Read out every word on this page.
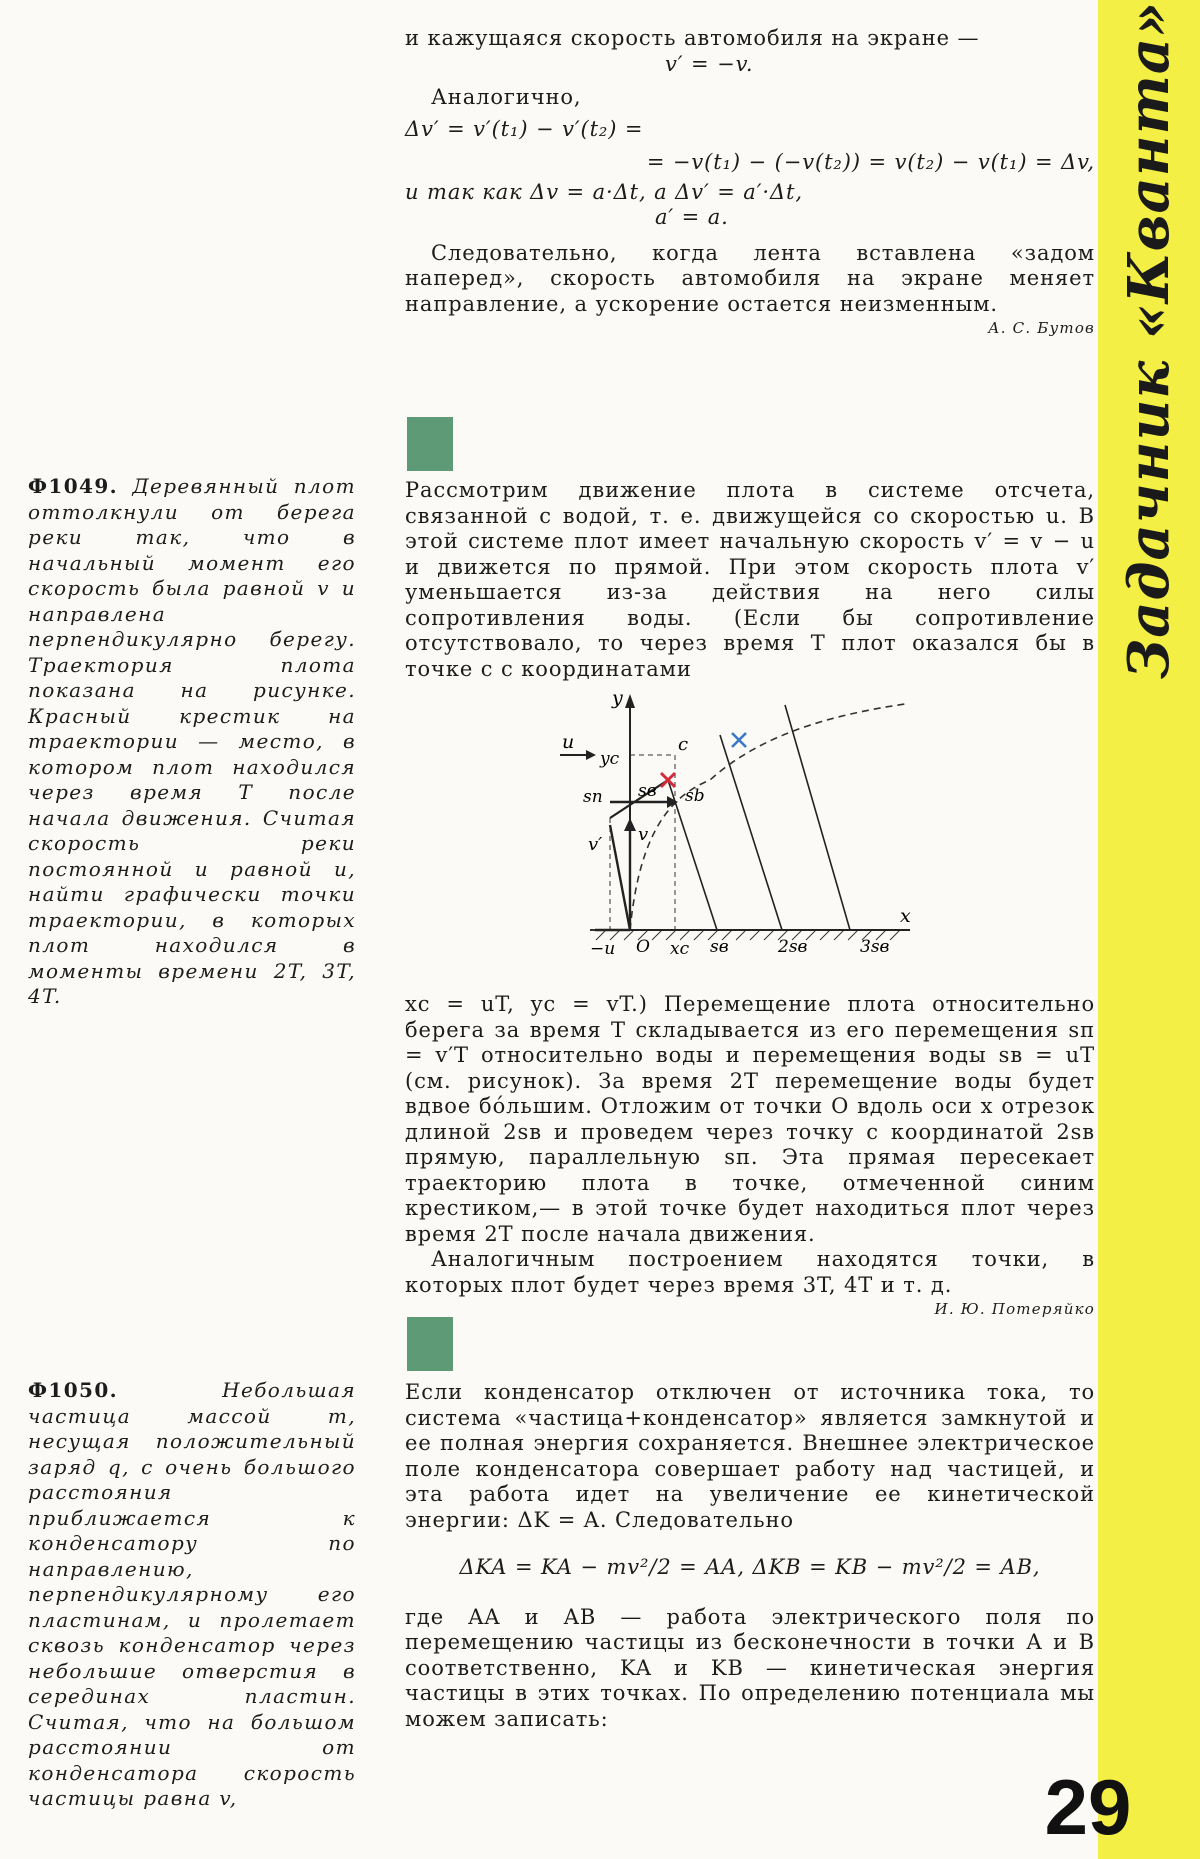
Задачник «Кванта»
29

и кажущаяся скорость автомобиля на экране —

v′ = −v.

Аналогично,

Δv′ = v′(t₁) − v′(t₂) =

= −v(t₁) − (−v(t₂)) = v(t₂) − v(t₁) = Δv,

и так как Δv = a·Δt, а Δv′ = a′·Δt,

a′ = a.

Следовательно, когда лента вставлена «задом наперед», скорость автомобиля на экране меняет направление, а ускорение остается неизменным.

А. С. Бутов

Ф1049. Деревянный плот оттолкнули от берега реки так, что в начальный момент его скорость была равной v и направлена перпендикулярно берегу. Траектория плота показана на рисунке. Красный крестик на траектории — место, в котором плот находился через время T после начала движения. Считая скорость реки постоянной и равной u, найти графически точки траектории, в которых плот находился в моменты времени 2T, 3T, 4T.

Рассмотрим движение плота в системе отсчета, связанной с водой, т. е. движущейся со скоростью u. В этой системе плот имеет начальную скорость v′ = v − u и движется по прямой. При этом скорость плота v′ уменьшается из-за действия на него силы сопротивления воды. (Если бы сопротивление отсутствовало, то через время T плот оказался бы в точке c с координатами

y
x
u
yc
c
sп sв sb
v′ v
−u O xc sв	2sв	3sв

xc = uT, yc = vT.) Перемещение плота относительно берега за время T складывается из его перемещения sп = v′T относительно воды и перемещения воды sв = uT (см. рисунок). За время 2T перемещение воды будет вдвое бо́льшим. Отложим от точки O вдоль оси x отрезок длиной 2sв и проведем через точку с координатой 2sв прямую, параллельную sп. Эта прямая пересекает траекторию плота в точке, отмеченной синим крестиком,— в этой точке будет находиться плот через время 2T после начала движения.

Аналогичным построением находятся точки, в которых плот будет через время 3T, 4T и т. д.

И. Ю. Потеряйко

Ф1050.	Небольшая частица массой m, несущая положительный заряд q, с очень большого расстояния приближается к конденсатору по направлению, перпендикулярному его пластинам, и пролетает сквозь конденсатор через небольшие отверстия в серединах пластин. Считая, что на большом расстоянии от конденсатора скорость частицы равна v,

Если конденсатор отключен от источника тока, то система «частица+конденсатор» является замкнутой и ее полная энергия сохраняется. Внешнее электрическое поле конденсатора совершает работу над частицей, и эта работа идет на увеличение ее кинетической энергии: ΔK = A. Следовательно

ΔKA = KA − mv²/2 = AA, ΔKB = KB − mv²/2 = AB,

где AA и AB — работа электрического поля по перемещению частицы из бесконечности в точки A и B соответственно, KA и KB — кинетическая энергия частицы в этих точках. По определению потенциала мы можем записать:
